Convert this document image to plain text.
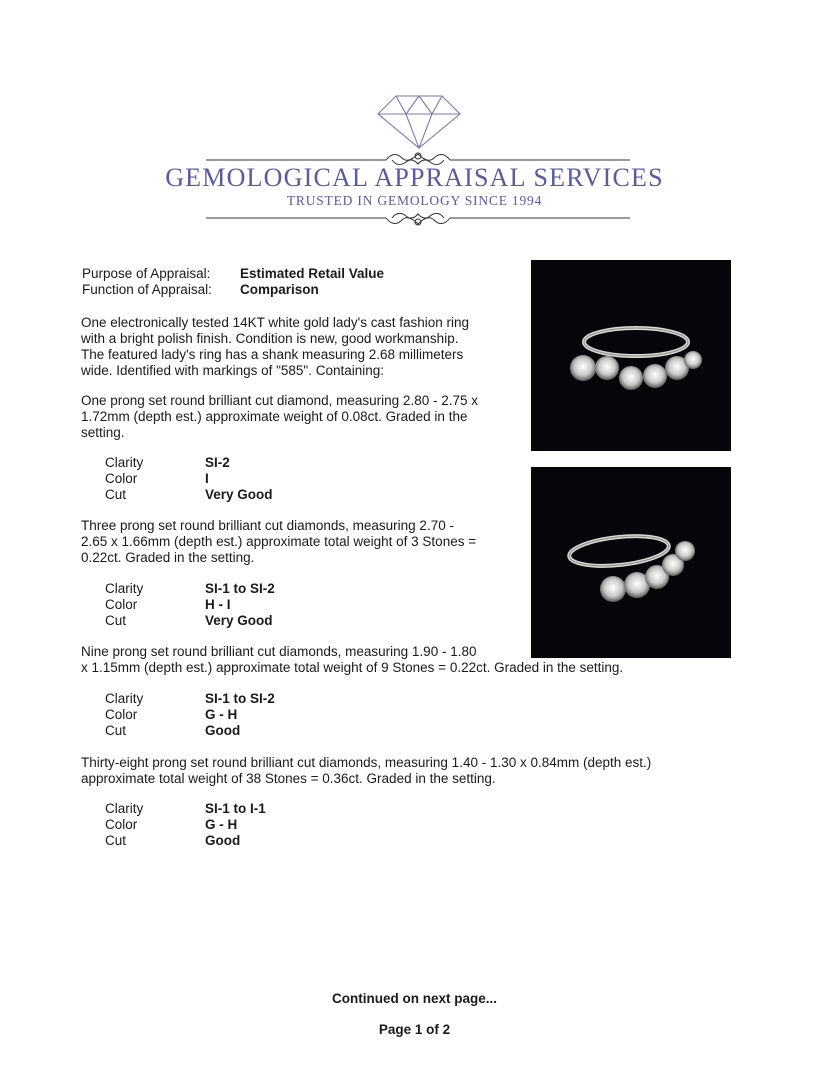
GEMOLOGICAL APPRAISAL SERVICES
TRUSTED IN GEMOLOGY SINCE 1994
Purpose of Appraisal:	Estimated Retail Value
Function of Appraisal:	Comparison

One electronically tested 14KT white gold lady's cast fashion ring with a bright polish finish. Condition is new, good workmanship. The featured lady's ring has a shank measuring 2.68 millimeters wide. Identified with markings of "585". Containing:

One prong set round brilliant cut diamond, measuring 2.80 - 2.75 x 1.72mm (depth est.) approximate weight of 0.08ct. Graded in the setting.

Clarity	SI-2
Color	I
Cut	Very Good

Three prong set round brilliant cut diamonds, measuring 2.70 - 2.65 x 1.66mm (depth est.) approximate total weight of 3 Stones = 0.22ct. Graded in the setting.

Clarity	SI-1 to SI-2
Color	H - I
Cut	Very Good
Nine prong set round brilliant cut diamonds, measuring 1.90 - 1.80
x 1.15mm (depth est.) approximate total weight of 9 Stones = 0.22ct. Graded in the setting.
Clarity	SI-1 to SI-2
Color	G - H
Cut	Good

Thirty-eight prong set round brilliant cut diamonds, measuring 1.40 - 1.30 x 0.84mm (depth est.) approximate total weight of 38 Stones = 0.36ct. Graded in the setting.

Clarity	SI-1 to I-1
Color	G - H
Cut	Good
Continued on next page...
Page 1 of 2
